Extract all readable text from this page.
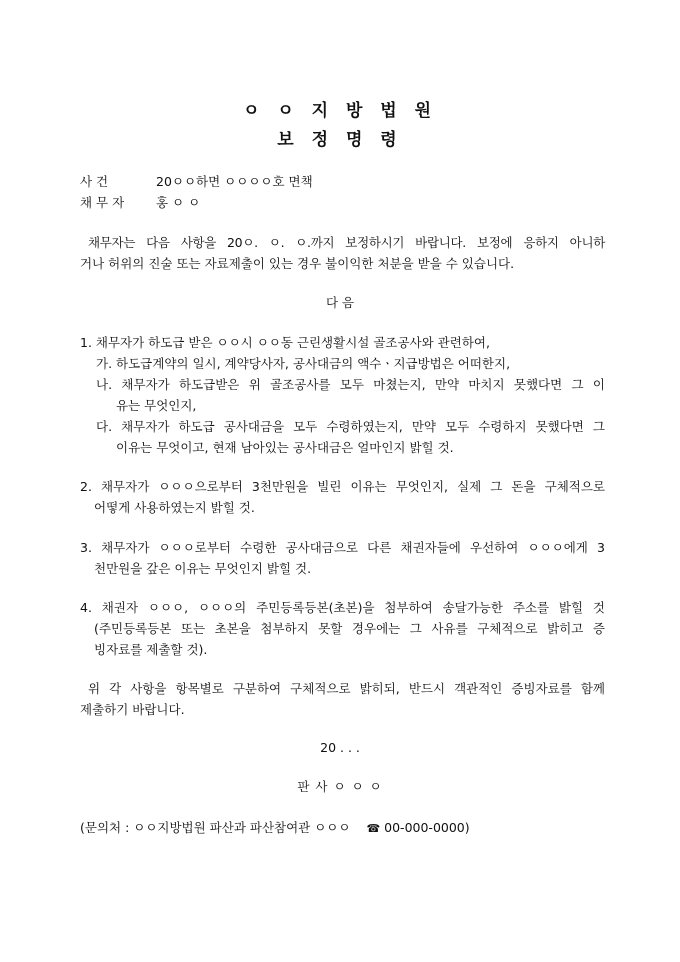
ㅇ ㅇ 지 방 법 원
보 정 명 령
사 건	20ㅇㅇ하면 ㅇㅇㅇㅇ호 면책
채 무 자	홍 ㅇ ㅇ
채무자는 다음 사항을 20ㅇ. ㅇ. ㅇ.까지 보정하시기 바랍니다. 보정에 응하지 아니하
거나 허위의 진술 또는 자료제출이 있는 경우 불이익한 처분을 받을 수 있습니다.
다 음
1. 채무자가 하도급 받은 ㅇㅇ시 ㅇㅇ동 근린생활시설 골조공사와 관련하여,
가. 하도급계약의 일시, 계약당사자, 공사대금의 액수ㆍ지급방법은 어떠한지,
나. 채무자가 하도급받은 위 골조공사를 모두 마쳤는지, 만약 마치지 못했다면 그 이
유는 무엇인지,
다. 채무자가 하도급 공사대금을 모두 수령하였는지, 만약 모두 수령하지 못했다면 그
이유는 무엇이고, 현재 남아있는 공사대금은 얼마인지 밝힐 것.
2. 채무자가 ㅇㅇㅇ으로부터 3천만원을 빌린 이유는 무엇인지, 실제 그 돈을 구체적으로
어떻게 사용하였는지 밝힐 것.
3. 채무자가 ㅇㅇㅇ로부터 수령한 공사대금으로 다른 채권자들에 우선하여 ㅇㅇㅇ에게 3
천만원을 갚은 이유는 무엇인지 밝힐 것.
4. 채권자 ㅇㅇㅇ, ㅇㅇㅇ의 주민등록등본(초본)을 첨부하여 송달가능한 주소를 밝힐 것
(주민등록등본 또는 초본을 첨부하지 못할 경우에는 그 사유를 구체적으로 밝히고 증
빙자료를 제출할 것).
위 각 사항을 항목별로 구분하여 구체적으로 밝히되, 반드시 객관적인 증빙자료를 함께
제출하기 바랍니다.
20 . . .
판 사 ㅇ ㅇ ㅇ
(문의처 : ㅇㅇ지방법원 파산과 파산참여관 ㅇㅇㅇ ☎ 00-000-0000)
